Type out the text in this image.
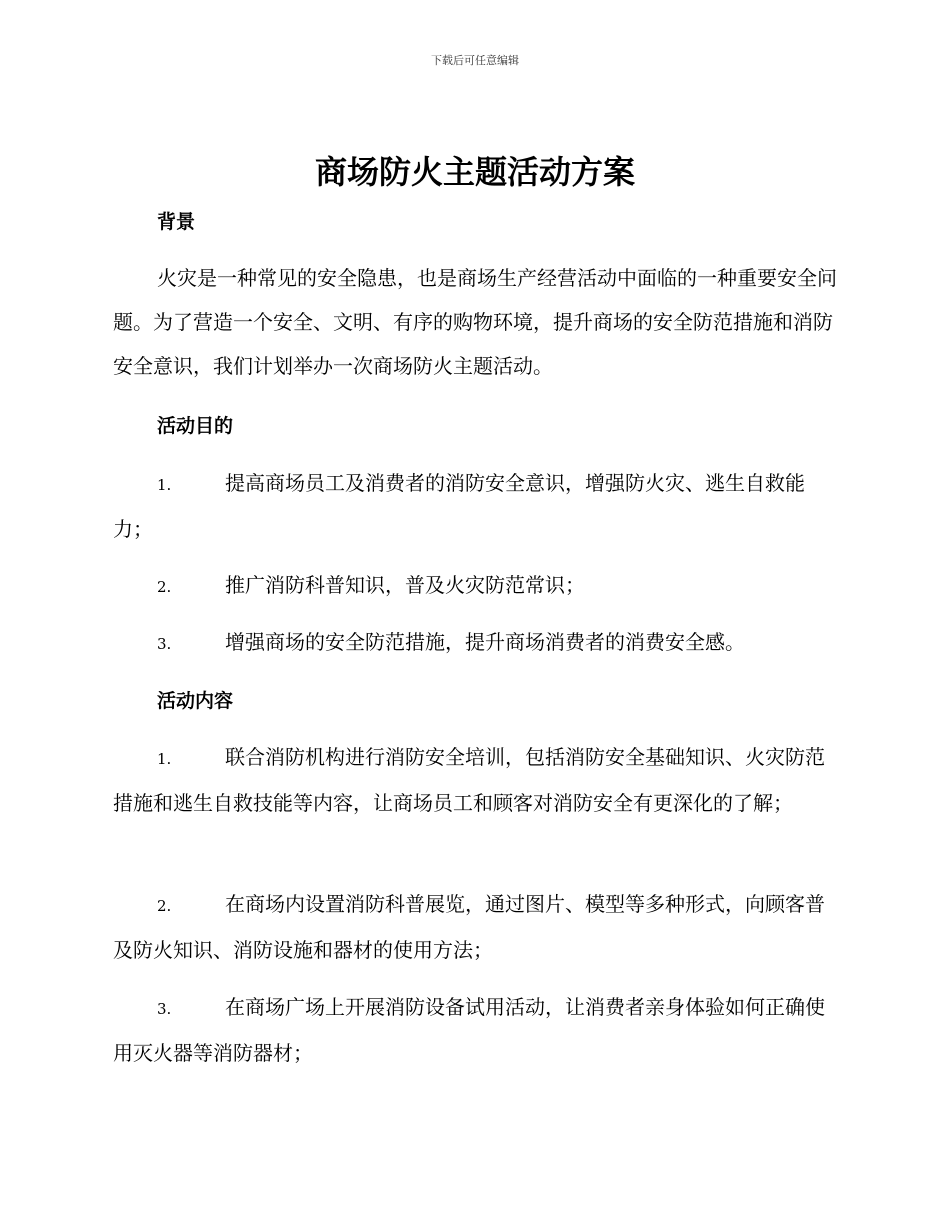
下载后可任意编辑
商场防火主题活动方案
背景

火灾是一种常见的安全隐患，也是商场生产经营活动中面临的一种重要安全问题。为了营造一个安全、文明、有序的购物环境，提升商场的安全防范措施和消防安全意识，我们计划举办一次商场防火主题活动。

活动目的

1.	提高商场员工及消费者的消防安全意识，增强防火灾、逃生自救能力；

2.	推广消防科普知识，普及火灾防范常识；

3.	增强商场的安全防范措施，提升商场消费者的消费安全感。

活动内容

1.	联合消防机构进行消防安全培训，包括消防安全基础知识、火灾防范措施和逃生自救技能等内容，让商场员工和顾客对消防安全有更深化的了解；

2.	在商场内设置消防科普展览，通过图片、模型等多种形式，向顾客普及防火知识、消防设施和器材的使用方法；

3.	在商场广场上开展消防设备试用活动，让消费者亲身体验如何正确使用灭火器等消防器材；
